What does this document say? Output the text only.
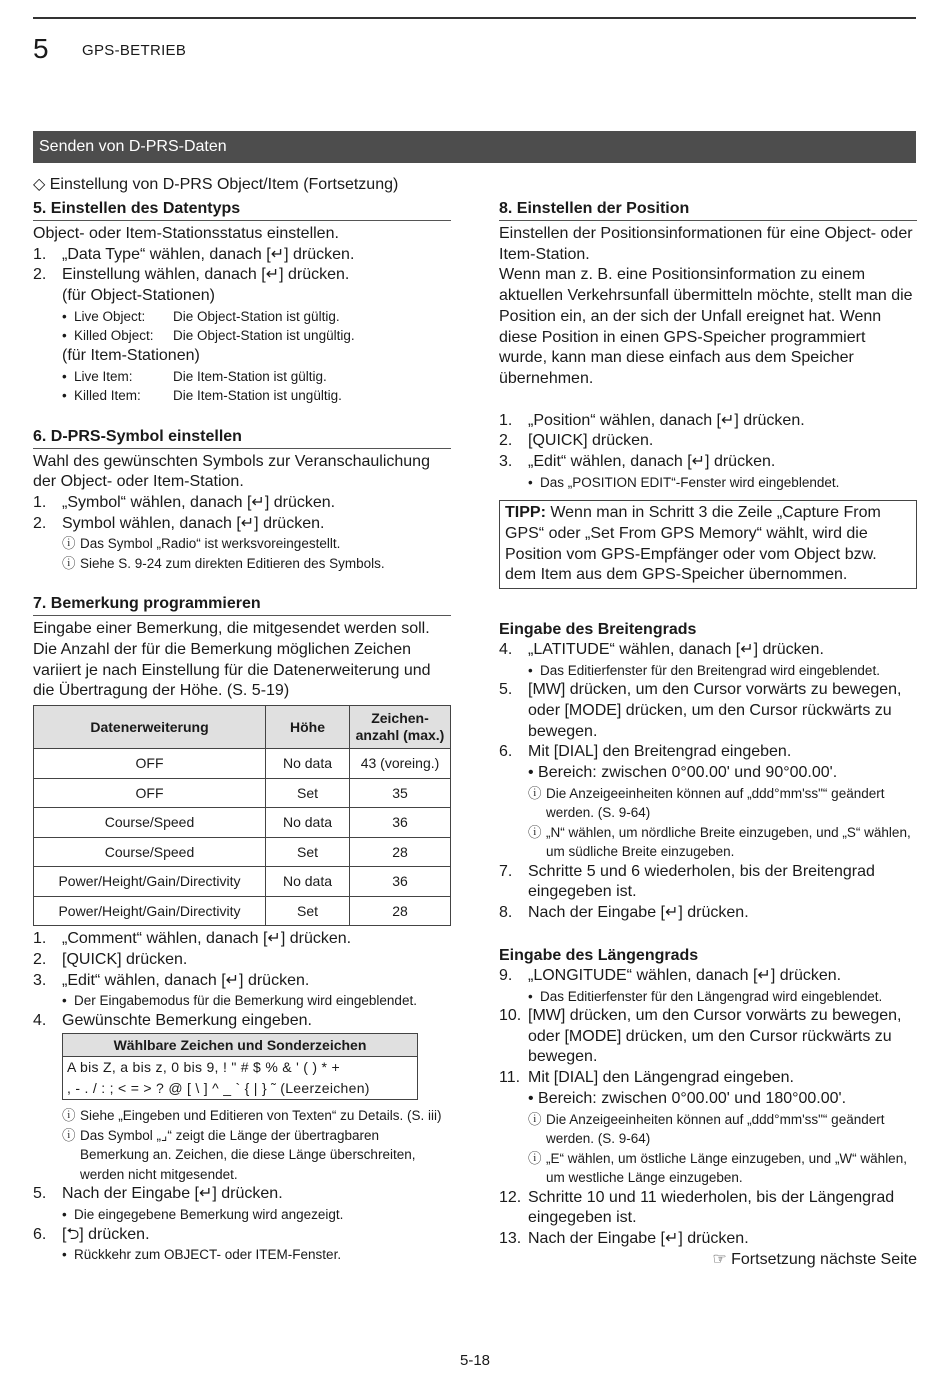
5 GPS-BETRIEB
Senden von D-PRS-Daten
◇ Einstellung von D-PRS Object/Item (Fortsetzung)
5. Einstellen des Datentyps

Object- oder Item-Stationsstatus einstellen.

1. „Data Type“ wählen, danach [↵] drücken.
2. Einstellung wählen, danach [↵] drücken.

(für Object-Stationen)

• Live Object:	Die Object-Station ist gültig.
• Killed Object:	Die Object-Station ist ungültig.

(für Item-Stationen)

• Live Item:	Die Item-Station ist gültig.
• Killed Item:	Die Item-Station ist ungültig.
6. D-PRS-Symbol einstellen

Wahl des gewünschten Symbols zur Veranschaulichung der Object- oder Item-Station.

1. „Symbol“ wählen, danach [↵] drücken.
2. Symbol wählen, danach [↵] drücken.
ⓘ Das Symbol „Radio“ ist werksvoreingestellt.
ⓘ Siehe S. 9-24 zum direkten Editieren des Symbols.
7. Bemerkung programmieren

Eingabe einer Bemerkung, die mitgesendet werden soll.

Die Anzahl der für die Bemerkung möglichen Zeichen variiert je nach Einstellung für die Datenerweiterung und die Übertragung der Höhe. (S. 5-19)

Datenerweiterung	Höhe	Zeichen-anzahl (max.)
OFF	No data	43 (voreing.)
OFF	Set	35
Course/Speed	No data	36
Course/Speed	Set	28
Power/Height/Gain/Directivity	No data	36
Power/Height/Gain/Directivity	Set	28
1. „Comment“ wählen, danach [↵] drücken.
2. [QUICK] drücken.
3. „Edit“ wählen, danach [↵] drücken.
• Der Eingabemodus für die Bemerkung wird eingeblendet.
4. Gewünschte Bemerkung eingeben.
Wählbare Zeichen und Sonderzeichen
A bis Z, a bis z, 0 bis 9, ! " # $ % & ' ( ) * +
, - . / : ; < = > ? @ [ \ ] ^ _ ` { | } ˜ (Leerzeichen)
ⓘ Siehe „Eingeben und Editieren von Texten“ zu Details. (S. iii)
ⓘ Das Symbol „⌟“ zeigt die Länge der übertragbaren Bemerkung an. Zeichen, die diese Länge überschreiten, werden nicht mitgesendet.
5. Nach der Eingabe [↵] drücken.
• Die eingegebene Bemerkung wird angezeigt.
6. [⮌] drücken.
• Rückkehr zum OBJECT- oder ITEM-Fenster.
8. Einstellen der Position

Einstellen der Positionsinformationen für eine Object- oder Item-Station.

Wenn man z. B. eine Positionsinformation zu einem aktuellen Verkehrsunfall übermitteln möchte, stellt man die Position ein, an der sich der Unfall ereignet hat. Wenn diese Position in einen GPS-Speicher programmiert wurde, kann man diese einfach aus dem Speicher übernehmen.

1. „Position“ wählen, danach [↵] drücken.
2. [QUICK] drücken.
3. „Edit“ wählen, danach [↵] drücken.
• Das „POSITION EDIT“-Fenster wird eingeblendet.
TIPP: Wenn man in Schritt 3 die Zeile „Capture From GPS“ oder „Set From GPS Memory“ wählt, wird die Position vom GPS-Empfänger oder vom Object bzw. dem Item aus dem GPS-Speicher übernommen.
Eingabe des Breitengrads
4. „LATITUDE“ wählen, danach [↵] drücken.
• Das Editierfenster für den Breitengrad wird eingeblendet.
5. [MW] drücken, um den Cursor vorwärts zu bewegen, oder [MODE] drücken, um den Cursor rückwärts zu bewegen.
6. Mit [DIAL] den Breitengrad eingeben.
• Bereich: zwischen 0°00.00' und 90°00.00'.
ⓘ Die Anzeigeeinheiten können auf „ddd°mm'ss"“ geändert werden. (S. 9-64)
ⓘ „N“ wählen, um nördliche Breite einzugeben, und „S“ wählen, um südliche Breite einzugeben.
7. Schritte 5 und 6 wiederholen, bis der Breitengrad eingegeben ist.
8. Nach der Eingabe [↵] drücken.
Eingabe des Längengrads
9. „LONGITUDE“ wählen, danach [↵] drücken.
• Das Editierfenster für den Längengrad wird eingeblendet.
10. [MW] drücken, um den Cursor vorwärts zu bewegen, oder [MODE] drücken, um den Cursor rückwärts zu bewegen.
11. Mit [DIAL] den Längengrad eingeben.
• Bereich: zwischen 0°00.00' und 180°00.00'.
ⓘ Die Anzeigeeinheiten können auf „ddd°mm'ss"“ geändert werden. (S. 9-64)
ⓘ „E“ wählen, um östliche Länge einzugeben, und „W“ wählen, um westliche Länge einzugeben.
12. Schritte 10 und 11 wiederholen, bis der Längengrad eingegeben ist.
13. Nach der Eingabe [↵] drücken.
☞ Fortsetzung nächste Seite
5-18
